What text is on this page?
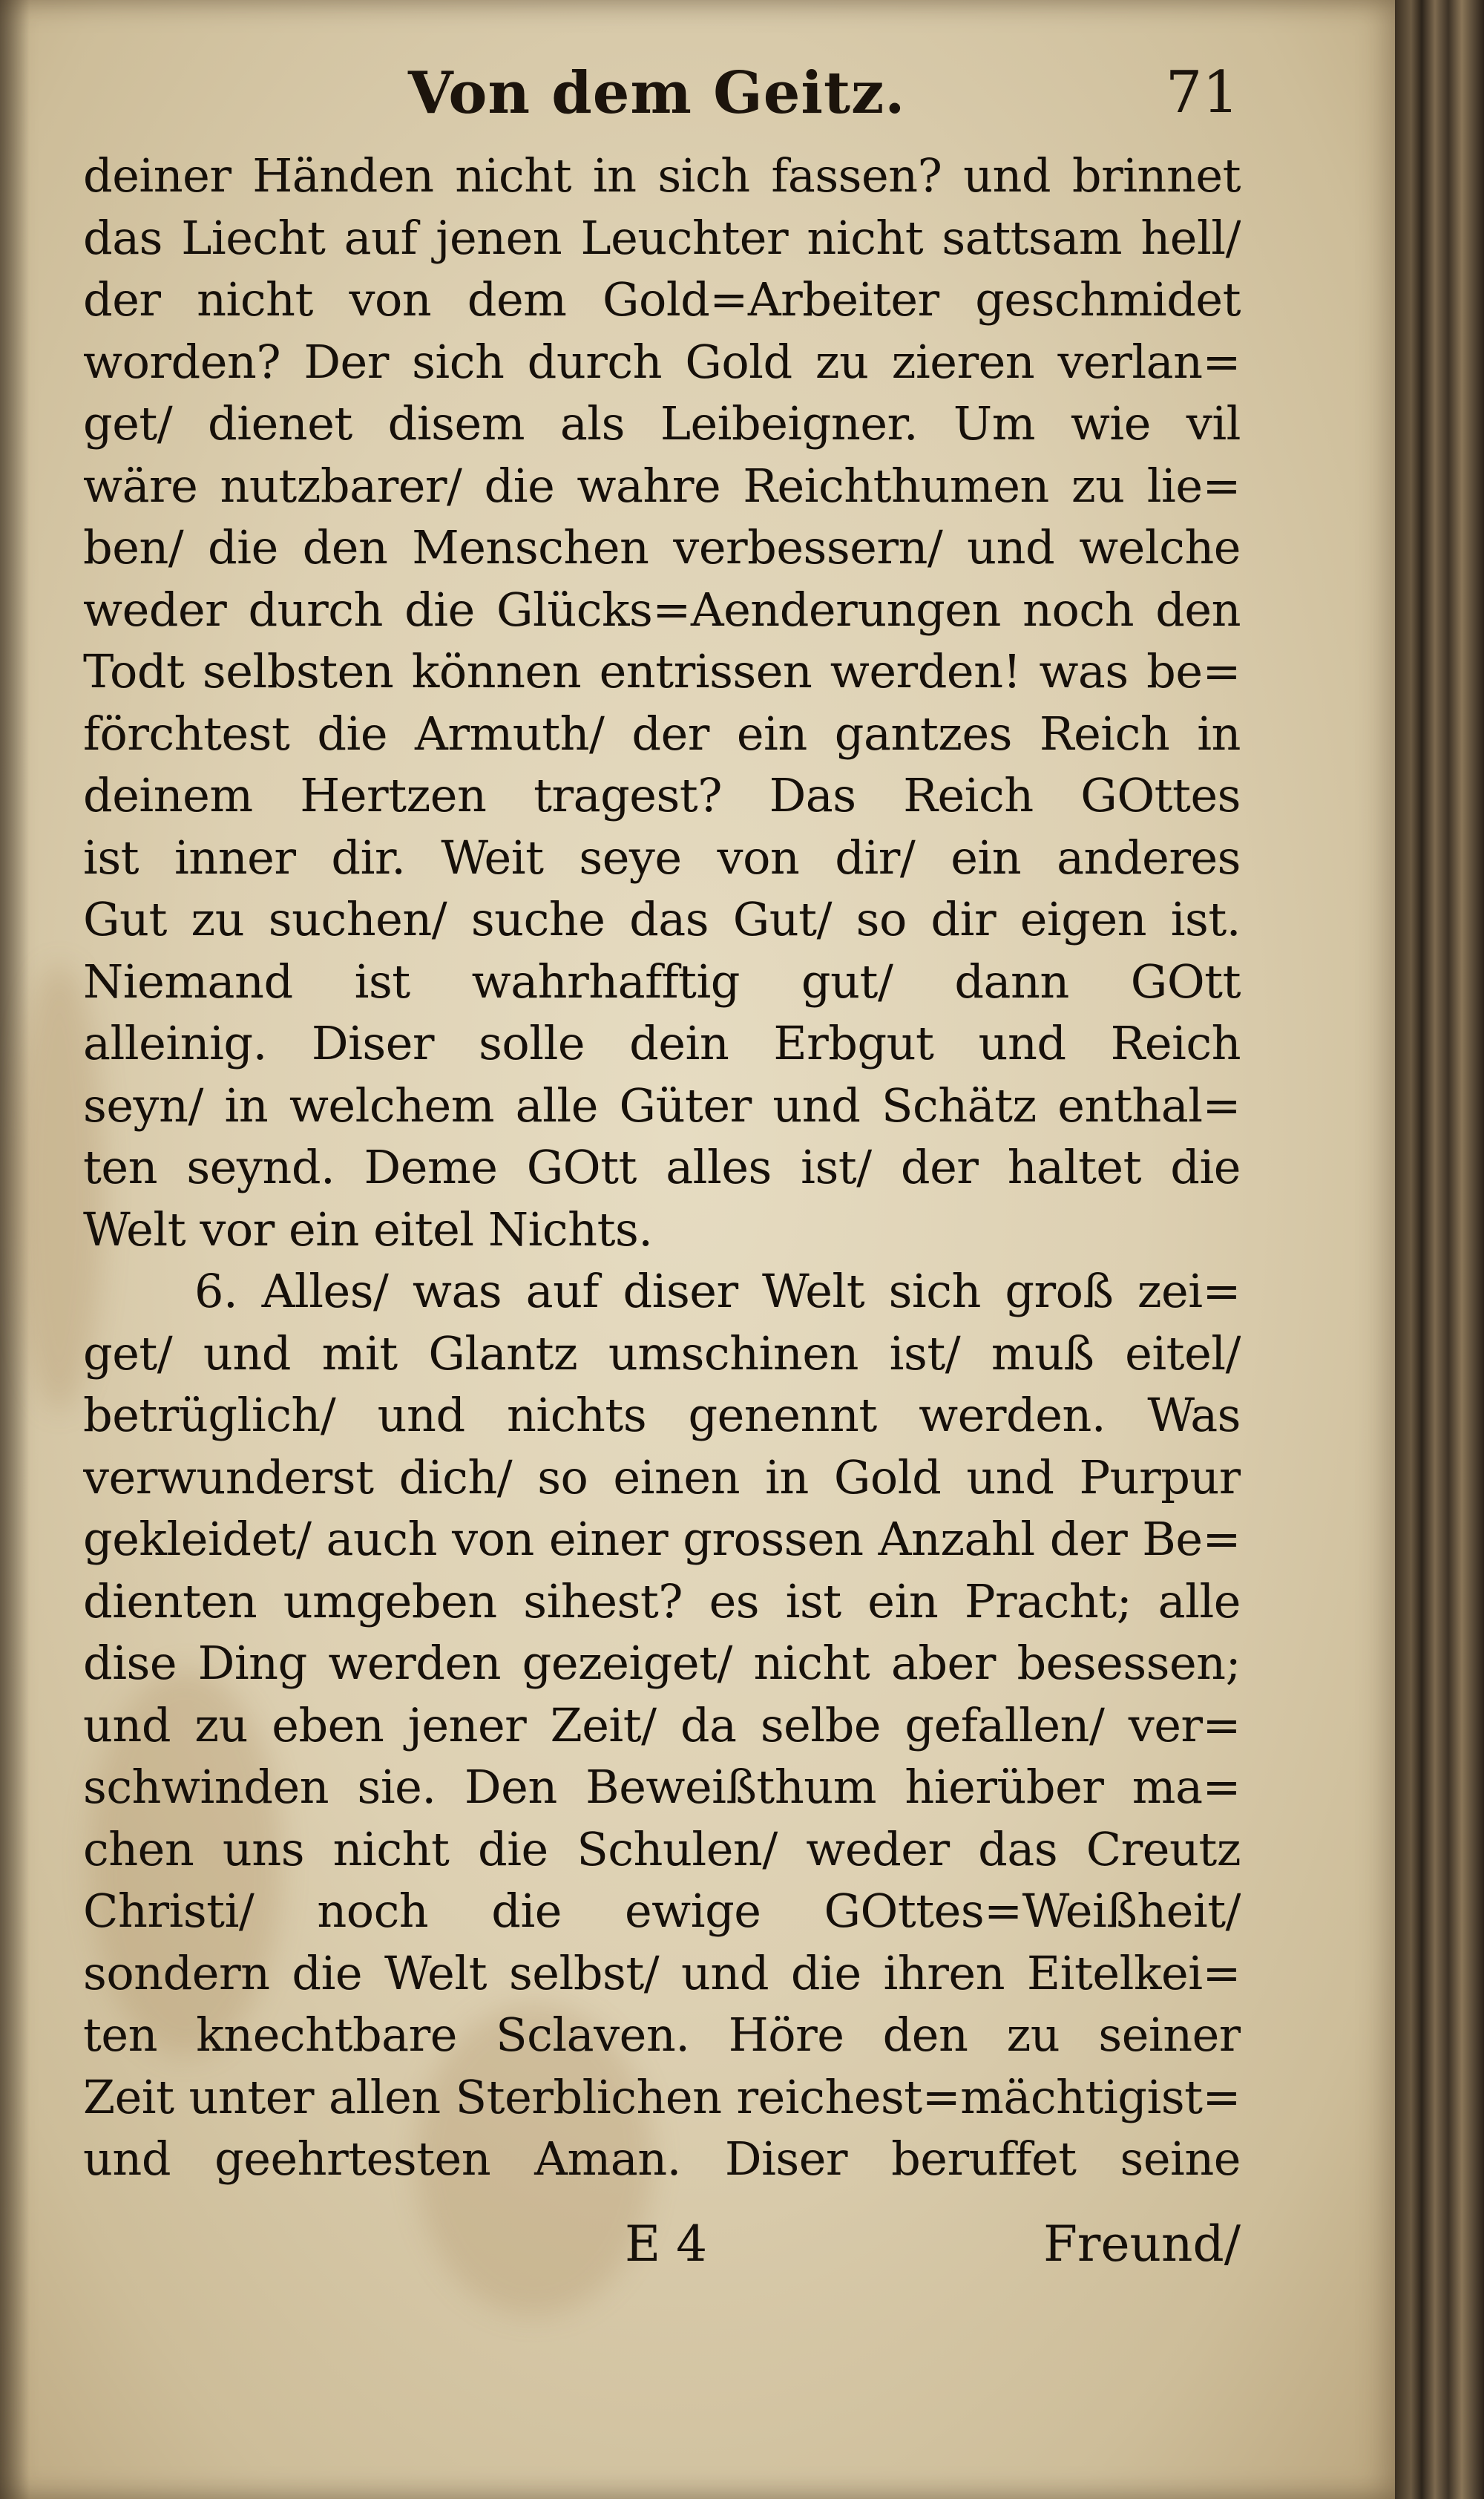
Von dem Geitz.	71
deiner Händen nicht in sich fassen? und brinnet
das Liecht auf jenen Leuchter nicht sattsam hell/
der nicht von dem Gold=Arbeiter geschmidet
worden? Der sich durch Gold zu zieren verlan=
get/ dienet disem als Leibeigner. Um wie vil
wäre nutzbarer/ die wahre Reichthumen zu lie=
ben/ die den Menschen verbessern/ und welche
weder durch die Glücks=Aenderungen noch den
Todt selbsten können entrissen werden! was be=
förchtest die Armuth/ der ein gantzes Reich in
deinem Hertzen tragest? Das Reich GOttes
ist inner dir. Weit seye von dir/ ein anderes
Gut zu suchen/ suche das Gut/ so dir eigen ist.
Niemand ist wahrhafftig gut/ dann GOtt
alleinig. Diser solle dein Erbgut und Reich
seyn/ in welchem alle Güter und Schätz enthal=
ten seynd. Deme GOtt alles ist/ der haltet die
Welt vor ein eitel Nichts.
6. Alles/ was auf diser Welt sich groß zei=
get/ und mit Glantz umschinen ist/ muß eitel/
betrüglich/ und nichts genennt werden. Was
verwunderst dich/ so einen in Gold und Purpur
gekleidet/ auch von einer grossen Anzahl der Be=
dienten umgeben sihest? es ist ein Pracht; alle
dise Ding werden gezeiget/ nicht aber besessen;
und zu eben jener Zeit/ da selbe gefallen/ ver=
schwinden sie. Den Beweißthum hierüber ma=
chen uns nicht die Schulen/ weder das Creutz
Christi/ noch die ewige GOttes=Weißheit/
sondern die Welt selbst/ und die ihren Eitelkei=
ten knechtbare Sclaven. Höre den zu seiner
Zeit unter allen Sterblichen reichest=mächtigist=
und geehrtesten Aman. Diser beruffet seine
E 4	Freund/
